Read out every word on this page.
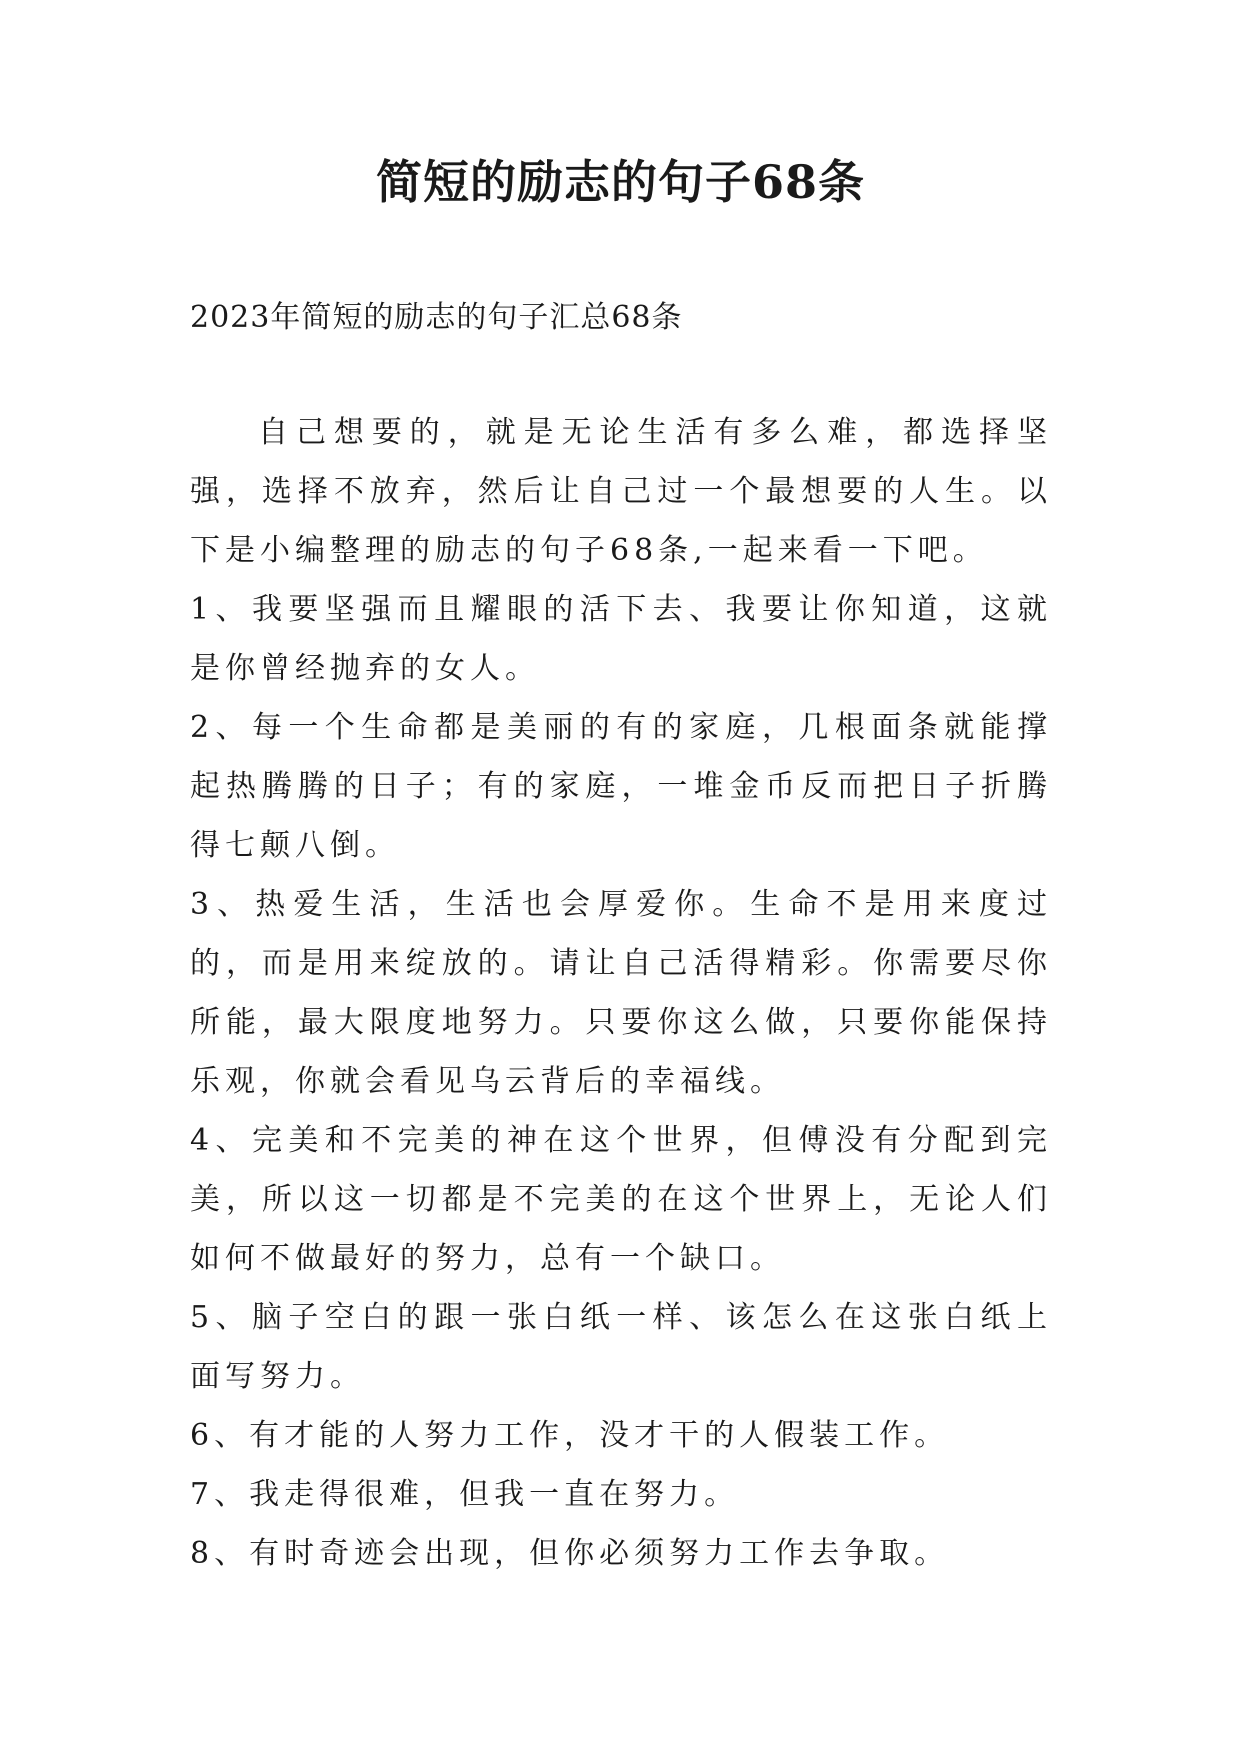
简短的励志的句子68条

2023年简短的励志的句子汇总68条

自己想要的，就是无论生活有多么难，都选择坚强，选择不放弃，然后让自己过一个最想要的人生。以下是小编整理的励志的句子68条,一起来看一下吧。

1、我要坚强而且耀眼的活下去、我要让你知道，这就是你曾经抛弃的女人。

2、每一个生命都是美丽的有的家庭，几根面条就能撑起热腾腾的日子；有的家庭，一堆金币反而把日子折腾得七颠八倒。

3、热爱生活，生活也会厚爱你。生命不是用来度过的，而是用来绽放的。请让自己活得精彩。你需要尽你所能，最大限度地努力。只要你这么做，只要你能保持乐观，你就会看见乌云背后的幸福线。

4、完美和不完美的神在这个世界，但傅没有分配到完美，所以这一切都是不完美的在这个世界上，无论人们如何不做最好的努力，总有一个缺口。

5、脑子空白的跟一张白纸一样、该怎么在这张白纸上面写努力。

6、有才能的人努力工作，没才干的人假装工作。

7、我走得很难，但我一直在努力。

8、有时奇迹会出现，但你必须努力工作去争取。
